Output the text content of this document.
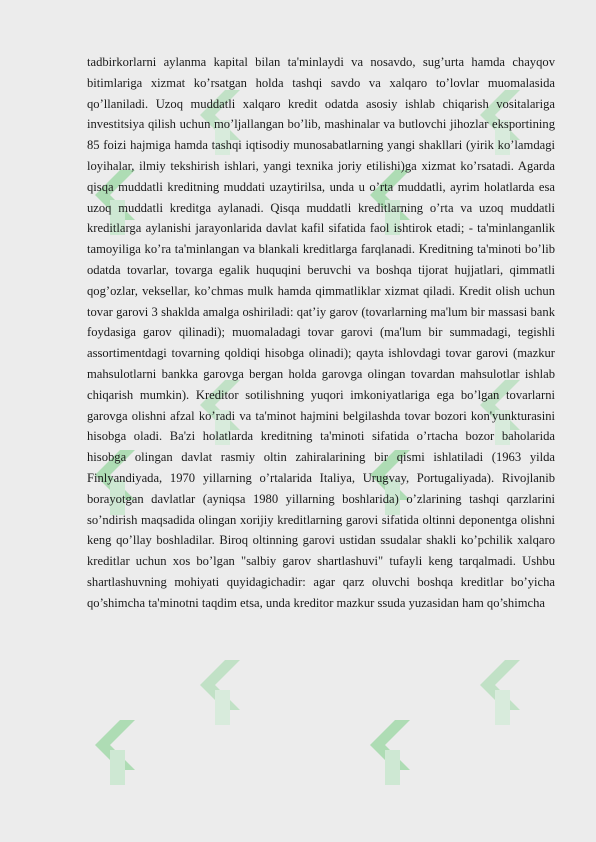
tadbirkorlarni aylanma kapital bilan ta'minlaydi va nosavdo, sug’urta hamda chayqov bitimlariga xizmat ko’rsatgan holda tashqi savdo va xalqaro to’lovlar muomalasida qo’llaniladi. Uzoq muddatli xalqaro kredit odatda asosiy ishlab chiqarish vositalariga investitsiya qilish uchun mo’ljallangan bo’lib, mashinalar va butlovchi jihozlar eksportining 85 foizi hajmiga hamda tashqi iqtisodiy munosabatlarning yangi shakllari (yirik ko’lamdagi loyihalar, ilmiy tekshirish ishlari, yangi texnika joriy etilishi)ga xizmat ko’rsatadi. Agarda qisqa muddatli kreditning muddati uzaytirilsa, unda u o’rta muddatli, ayrim holatlarda esa uzoq muddatli kreditga aylanadi. Qisqa muddatli kreditlarning o’rta va uzoq muddatli kreditlarga aylanishi jarayonlarida davlat kafil sifatida faol ishtirok etadi; - ta'minlanganlik tamoyiliga ko’ra ta'minlangan va blankali kreditlarga farqlanadi. Kreditning ta'minoti bo’lib odatda tovarlar, tovarga egalik huquqini beruvchi va boshqa tijorat hujjatlari, qimmatli qog’ozlar, veksellar, ko’chmas mulk hamda qimmatliklar xizmat qiladi. Kredit olish uchun tovar garovi 3 shaklda amalga oshiriladi: qat’iy garov (tovarlarning ma'lum bir massasi bank foydasiga garov qilinadi); muomaladagi tovar garovi (ma'lum bir summadagi, tegishli assortimentdagi tovarning qoldiqi hisobga olinadi); qayta ishlovdagi tovar garovi (mazkur mahsulotlarni bankka garovga bergan holda garovga olingan tovardan mahsulotlar ishlab chiqarish mumkin). Kreditor sotilishning yuqori imkoniyatlariga ega bo’lgan tovarlarni garovga olishni afzal ko’radi va ta'minot hajmini belgilashda tovar bozori kon'yunkturasini hisobga oladi. Ba'zi holatlarda kreditning ta'minoti sifatida o’rtacha bozor baholarida hisobga olingan davlat rasmiy oltin zahiralarining bir qismi ishlatiladi (1963 yilda Finlyandiyada, 1970 yillarning o’rtalarida Italiya, Urugvay, Portugaliyada). Rivojlanib borayotgan davlatlar (ayniqsa 1980 yillarning boshlarida) o’zlarining tashqi qarzlarini so’ndirish maqsadida olingan xorijiy kreditlarning garovi sifatida oltinni deponentga olishni keng qo’llay boshladilar. Biroq oltinning garovi ustidan ssudalar shakli ko’pchilik xalqaro kreditlar uchun xos bo’lgan "salbiy garov shartlashuvi" tufayli keng tarqalmadi. Ushbu shartlashuvning mohiyati quyidagichadir: agar qarz oluvchi boshqa kreditlar bo’yicha qo’shimcha ta'minotni taqdim etsa, unda kreditor mazkur ssuda yuzasidan ham qo’shimcha
